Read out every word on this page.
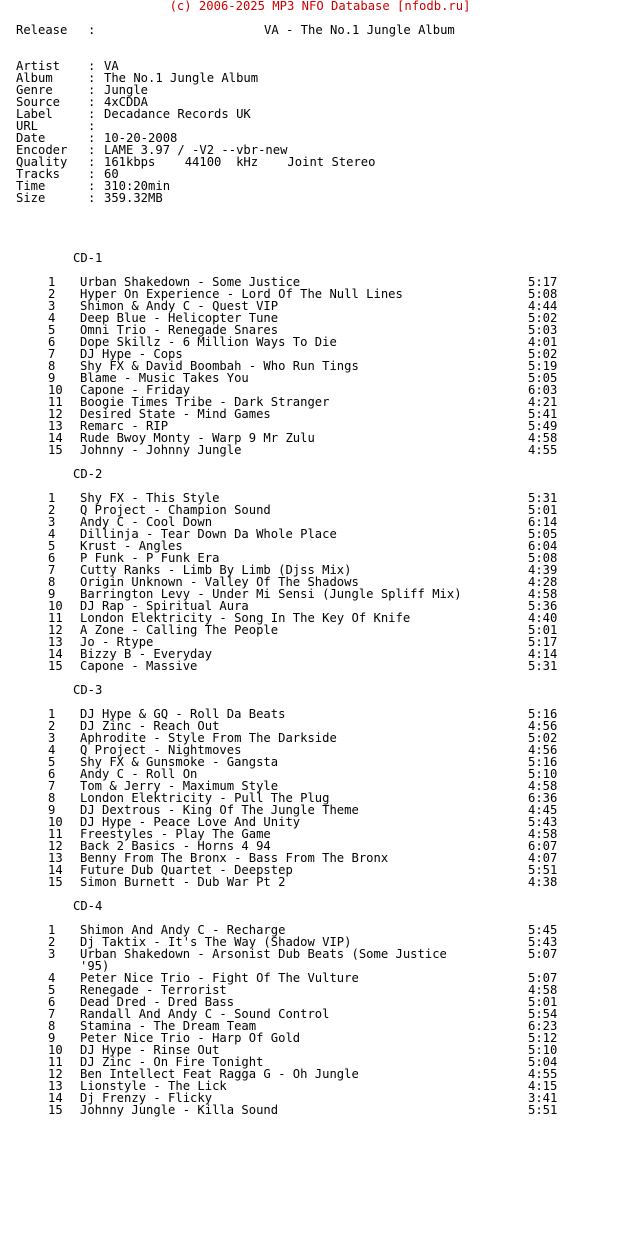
(c) 2006-2025 MP3 NFO Database [nfodb.ru]
Release :	VA - The No.1 Jungle Album
Artist : VA
Album	: The No.1 Jungle Album
Genre	: Jungle
Source : 4xCDDA
Label	: Decadance Records UK
URL	:
Date	: 10-20-2008
Encoder : LAME 3.97 / -V2 --vbr-new
Quality : 161kbps    44100  kHz    Joint Stereo
Tracks : 60
Time	: 310:20min
Size	: 359.32MB
CD-1
1	Urban Shakedown - Some Justice	5:17
2	Hyper On Experience - Lord Of The Null Lines	5:08
3	Shimon & Andy C - Quest VIP	4:44
4	Deep Blue - Helicopter Tune	5:02
5	Omni Trio - Renegade Snares	5:03
6	Dope Skillz - 6 Million Ways To Die	4:01
7	DJ Hype - Cops	5:02
8	Shy FX & David Boombah - Who Run Tings	5:19
9	Blame - Music Takes You	5:05
10	Capone - Friday	6:03
11	Boogie Times Tribe - Dark Stranger	4:21
12	Desired State - Mind Games	5:41
13	Remarc - RIP	5:49
14	Rude Bwoy Monty - Warp 9 Mr Zulu	4:58
15	Johnny - Johnny Jungle	4:55
CD-2
1	Shy FX - This Style	5:31
2	Q Project - Champion Sound	5:01
3	Andy C - Cool Down	6:14
4	Dillinja - Tear Down Da Whole Place	5:05
5	Krust - Angles	6:04
6	P Funk - P Funk Era	5:08
7	Cutty Ranks - Limb By Limb (Djss Mix)	4:39
8	Origin Unknown - Valley Of The Shadows	4:28
9	Barrington Levy - Under Mi Sensi (Jungle Spliff Mix)	4:58
10	DJ Rap - Spiritual Aura	5:36
11	London Elektricity - Song In The Key Of Knife	4:40
12	A Zone - Calling The People	5:01
13	Jo - Rtype	5:17
14	Bizzy B - Everyday	4:14
15	Capone - Massive	5:31
CD-3
1	DJ Hype & GQ - Roll Da Beats	5:16
2	DJ Zinc - Reach Out	4:56
3	Aphrodite - Style From The Darkside	5:02
4	Q Project - Nightmoves	4:56
5	Shy FX & Gunsmoke - Gangsta	5:16
6	Andy C - Roll On	5:10
7	Tom & Jerry - Maximum Style	4:58
8	London Elektricity - Pull The Plug	6:36
9	DJ Dextrous - King Of The Jungle Theme	4:45
10	DJ Hype - Peace Love And Unity	5:43
11	Freestyles - Play The Game	4:58
12	Back 2 Basics - Horns 4 94	6:07
13	Benny From The Bronx - Bass From The Bronx	4:07
14	Future Dub Quartet - Deepstep	5:51
15	Simon Burnett - Dub War Pt 2	4:38
CD-4
1	Shimon And Andy C - Recharge	5:45
2	Dj Taktix - It's The Way (Shadow VIP)	5:43
3	Urban Shakedown - Arsonist Dub Beats (Some Justice	5:07
'95)
4	Peter Nice Trio - Fight Of The Vulture	5:07
5	Renegade - Terrorist	4:58
6	Dead Dred - Dred Bass	5:01
7	Randall And Andy C - Sound Control	5:54
8	Stamina - The Dream Team	6:23
9	Peter Nice Trio - Harp Of Gold	5:12
10	DJ Hype - Rinse Out	5:10
11	DJ Zinc - On Fire Tonight	5:04
12	Ben Intellect Feat Ragga G - Oh Jungle	4:55
13	Lionstyle - The Lick	4:15
14	Dj Frenzy - Flicky	3:41
15	Johnny Jungle - Killa Sound	5:51
